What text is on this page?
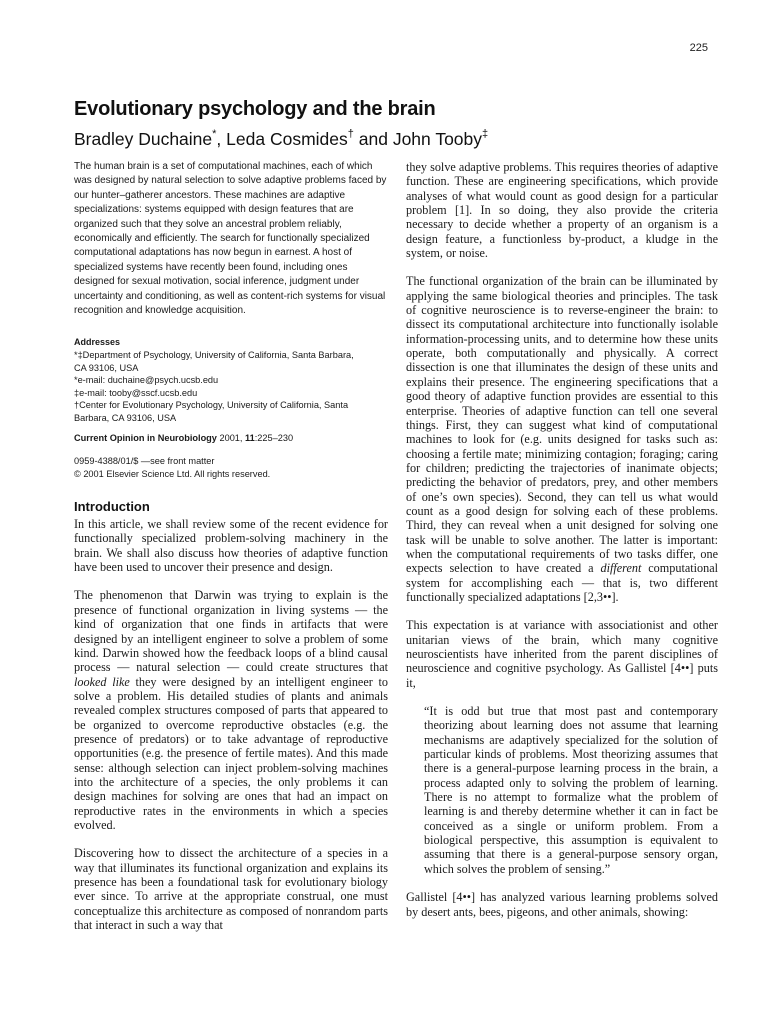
225
Evolutionary psychology and the brain
Bradley Duchaine*, Leda Cosmides† and John Tooby‡

The human brain is a set of computational machines, each of which was designed by natural selection to solve adaptive problems faced by our hunter–gatherer ancestors. These machines are adaptive specializations: systems equipped with design features that are organized such that they solve an ancestral problem reliably, economically and efficiently. The search for functionally specialized computational adaptations has now begun in earnest. A host of specialized systems have recently been found, including ones designed for sexual motivation, social inference, judgment under uncertainty and conditioning, as well as content-rich systems for visual recognition and knowledge acquisition.

Addresses

*‡Department of Psychology, University of California, Santa Barbara,

CA 93106, USA

*e-mail: duchaine@psych.ucsb.edu

‡e-mail: tooby@sscf.ucsb.edu

†Center for Evolutionary Psychology, University of California, Santa

Barbara, CA 93106, USA

Current Opinion in Neurobiology 2001, 11:225–230

0959-4388/01/$ —see front matter

© 2001 Elsevier Science Ltd. All rights reserved.

Introduction

In this article, we shall review some of the recent evidence for functionally specialized problem-solving machinery in the brain. We shall also discuss how theories of adaptive function have been used to uncover their presence and design.

The phenomenon that Darwin was trying to explain is the presence of functional organization in living systems — the kind of organization that one finds in artifacts that were designed by an intelligent engineer to solve a problem of some kind. Darwin showed how the feedback loops of a blind causal process — natural selection — could create structures that looked like they were designed by an intelligent engineer to solve a problem. His detailed studies of plants and animals revealed complex structures composed of parts that appeared to be organized to overcome reproductive obstacles (e.g. the presence of predators) or to take advantage of reproductive opportunities (e.g. the presence of fertile mates). And this made sense: although selection can inject problem-solving machines into the architecture of a species, the only problems it can design machines for solving are ones that had an impact on reproductive rates in the environments in which a species evolved.

Discovering how to dissect the architecture of a species in a way that illuminates its functional organization and explains its presence has been a foundational task for evolutionary biology ever since. To arrive at the appropriate construal, one must conceptualize this architecture as composed of nonrandom parts that interact in such a way that

they solve adaptive problems. This requires theories of adaptive function. These are engineering specifications, which provide analyses of what would count as good design for a particular problem [1]. In so doing, they also provide the criteria necessary to decide whether a property of an organism is a design feature, a functionless by-product, a kludge in the system, or noise.

The functional organization of the brain can be illuminated by applying the same biological theories and principles. The task of cognitive neuroscience is to reverse-engineer the brain: to dissect its computational architecture into functionally isolable information-processing units, and to determine how these units operate, both computationally and physically. A correct dissection is one that illuminates the design of these units and explains their presence. The engineering specifications that a good theory of adaptive function provides are essential to this enterprise. Theories of adaptive function can tell one several things. First, they can suggest what kind of computational machines to look for (e.g. units designed for tasks such as: choosing a fertile mate; minimizing contagion; foraging; caring for children; predicting the trajectories of inanimate objects; predicting the behavior of predators, prey, and other members of one’s own species). Second, they can tell us what would count as a good design for solving each of these problems. Third, they can reveal when a unit designed for solving one task will be unable to solve another. The latter is important: when the computational requirements of two tasks differ, one expects selection to have created a different computational system for accomplishing each — that is, two different functionally specialized adaptations [2,3••].

This expectation is at variance with associationist and other unitarian views of the brain, which many cognitive neuroscientists have inherited from the parent disciplines of neuroscience and cognitive psychology. As Gallistel [4••] puts it,

“It is odd but true that most past and contemporary theorizing about learning does not assume that learning mechanisms are adaptively specialized for the solution of particular kinds of problems. Most theorizing assumes that there is a general-purpose learning process in the brain, a process adapted only to solving the problem of learning. There is no attempt to formalize what the problem of learning is and thereby determine whether it can in fact be conceived as a single or uniform problem. From a biological perspective, this assumption is equivalent to assuming that there is a general-purpose sensory organ, which solves the problem of sensing.”

Gallistel [4••] has analyzed various learning problems solved by desert ants, bees, pigeons, and other animals, showing:
